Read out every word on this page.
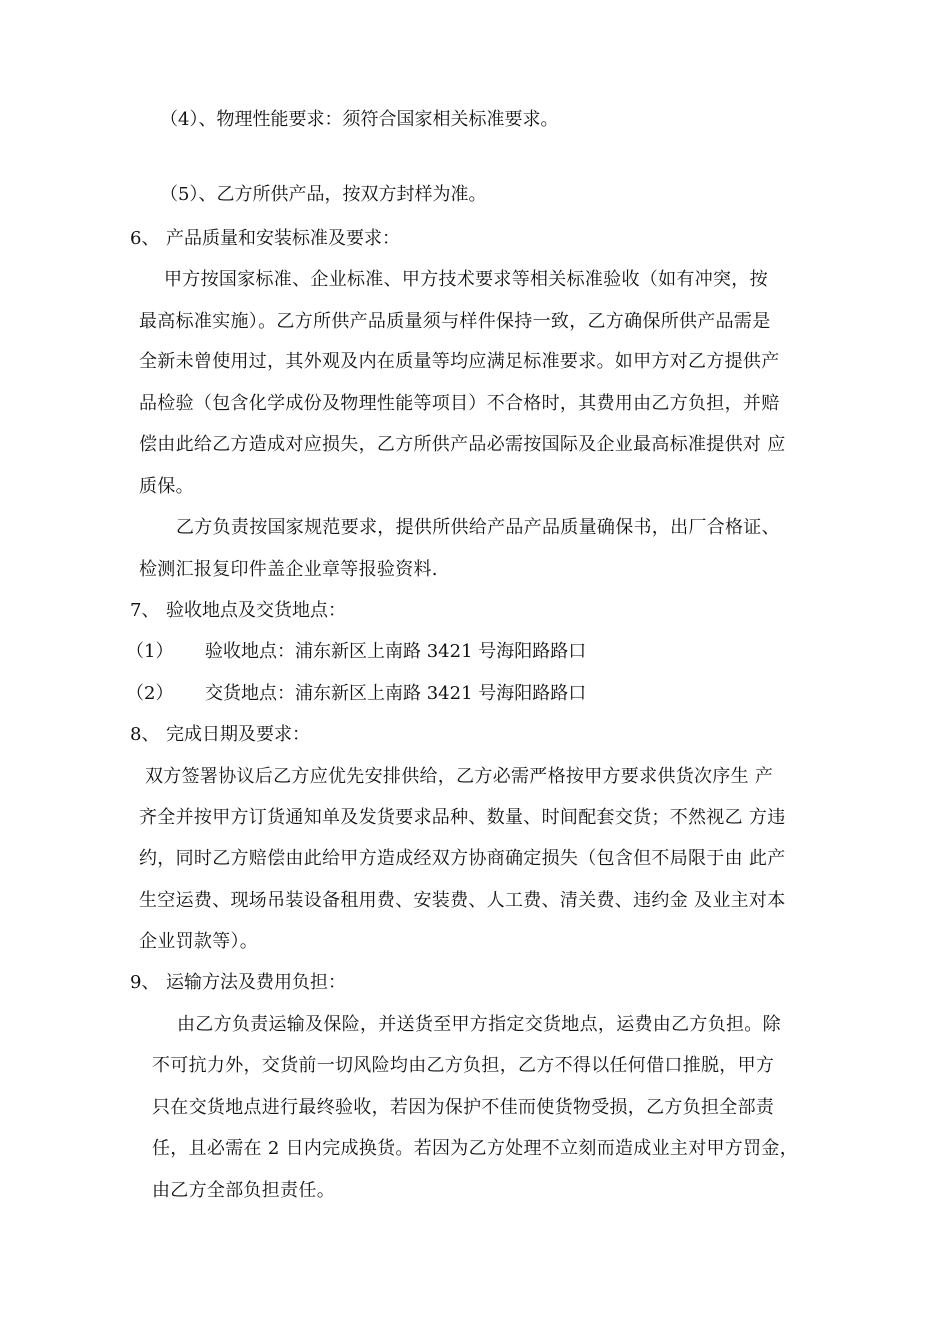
（4）、物理性能要求：须符合国家相关标准要求。
（5）、乙方所供产品，按双方封样为准。
6、 产品质量和安装标准及要求：
甲方按国家标准、企业标准、甲方技术要求等相关标准验收（如有冲突，按
最高标准实施）。乙方所供产品质量须与样件保持一致，乙方确保所供产品需是
全新未曾使用过，其外观及内在质量等均应满足标准要求。如甲方对乙方提供产
品检验（包含化学成份及物理性能等项目）不合格时，其费用由乙方负担，并赔
偿由此给乙方造成对应损失，乙方所供产品必需按国际及企业最高标准提供对 应
质保。
乙方负责按国家规范要求，提供所供给产品产品质量确保书，出厂合格证、
检测汇报复印件盖企业章等报验资料.
7、 验收地点及交货地点：
（1） 验收地点：浦东新区上南路 3421 号海阳路路口
（2） 交货地点：浦东新区上南路 3421 号海阳路路口
8、 完成日期及要求：
双方签署协议后乙方应优先安排供给，乙方必需严格按甲方要求供货次序生 产
齐全并按甲方订货通知单及发货要求品种、数量、时间配套交货；不然视乙 方违
约，同时乙方赔偿由此给甲方造成经双方协商确定损失（包含但不局限于由 此产
生空运费、现场吊装设备租用费、安装费、人工费、清关费、违约金 及业主对本
企业罚款等）。
9、 运输方法及费用负担：
由乙方负责运输及保险，并送货至甲方指定交货地点，运费由乙方负担。除
不可抗力外，交货前一切风险均由乙方负担，乙方不得以任何借口推脱，甲方
只在交货地点进行最终验收，若因为保护不佳而使货物受损，乙方负担全部责
任，且必需在 2 日内完成换货。若因为乙方处理不立刻而造成业主对甲方罚金，
由乙方全部负担责任。
